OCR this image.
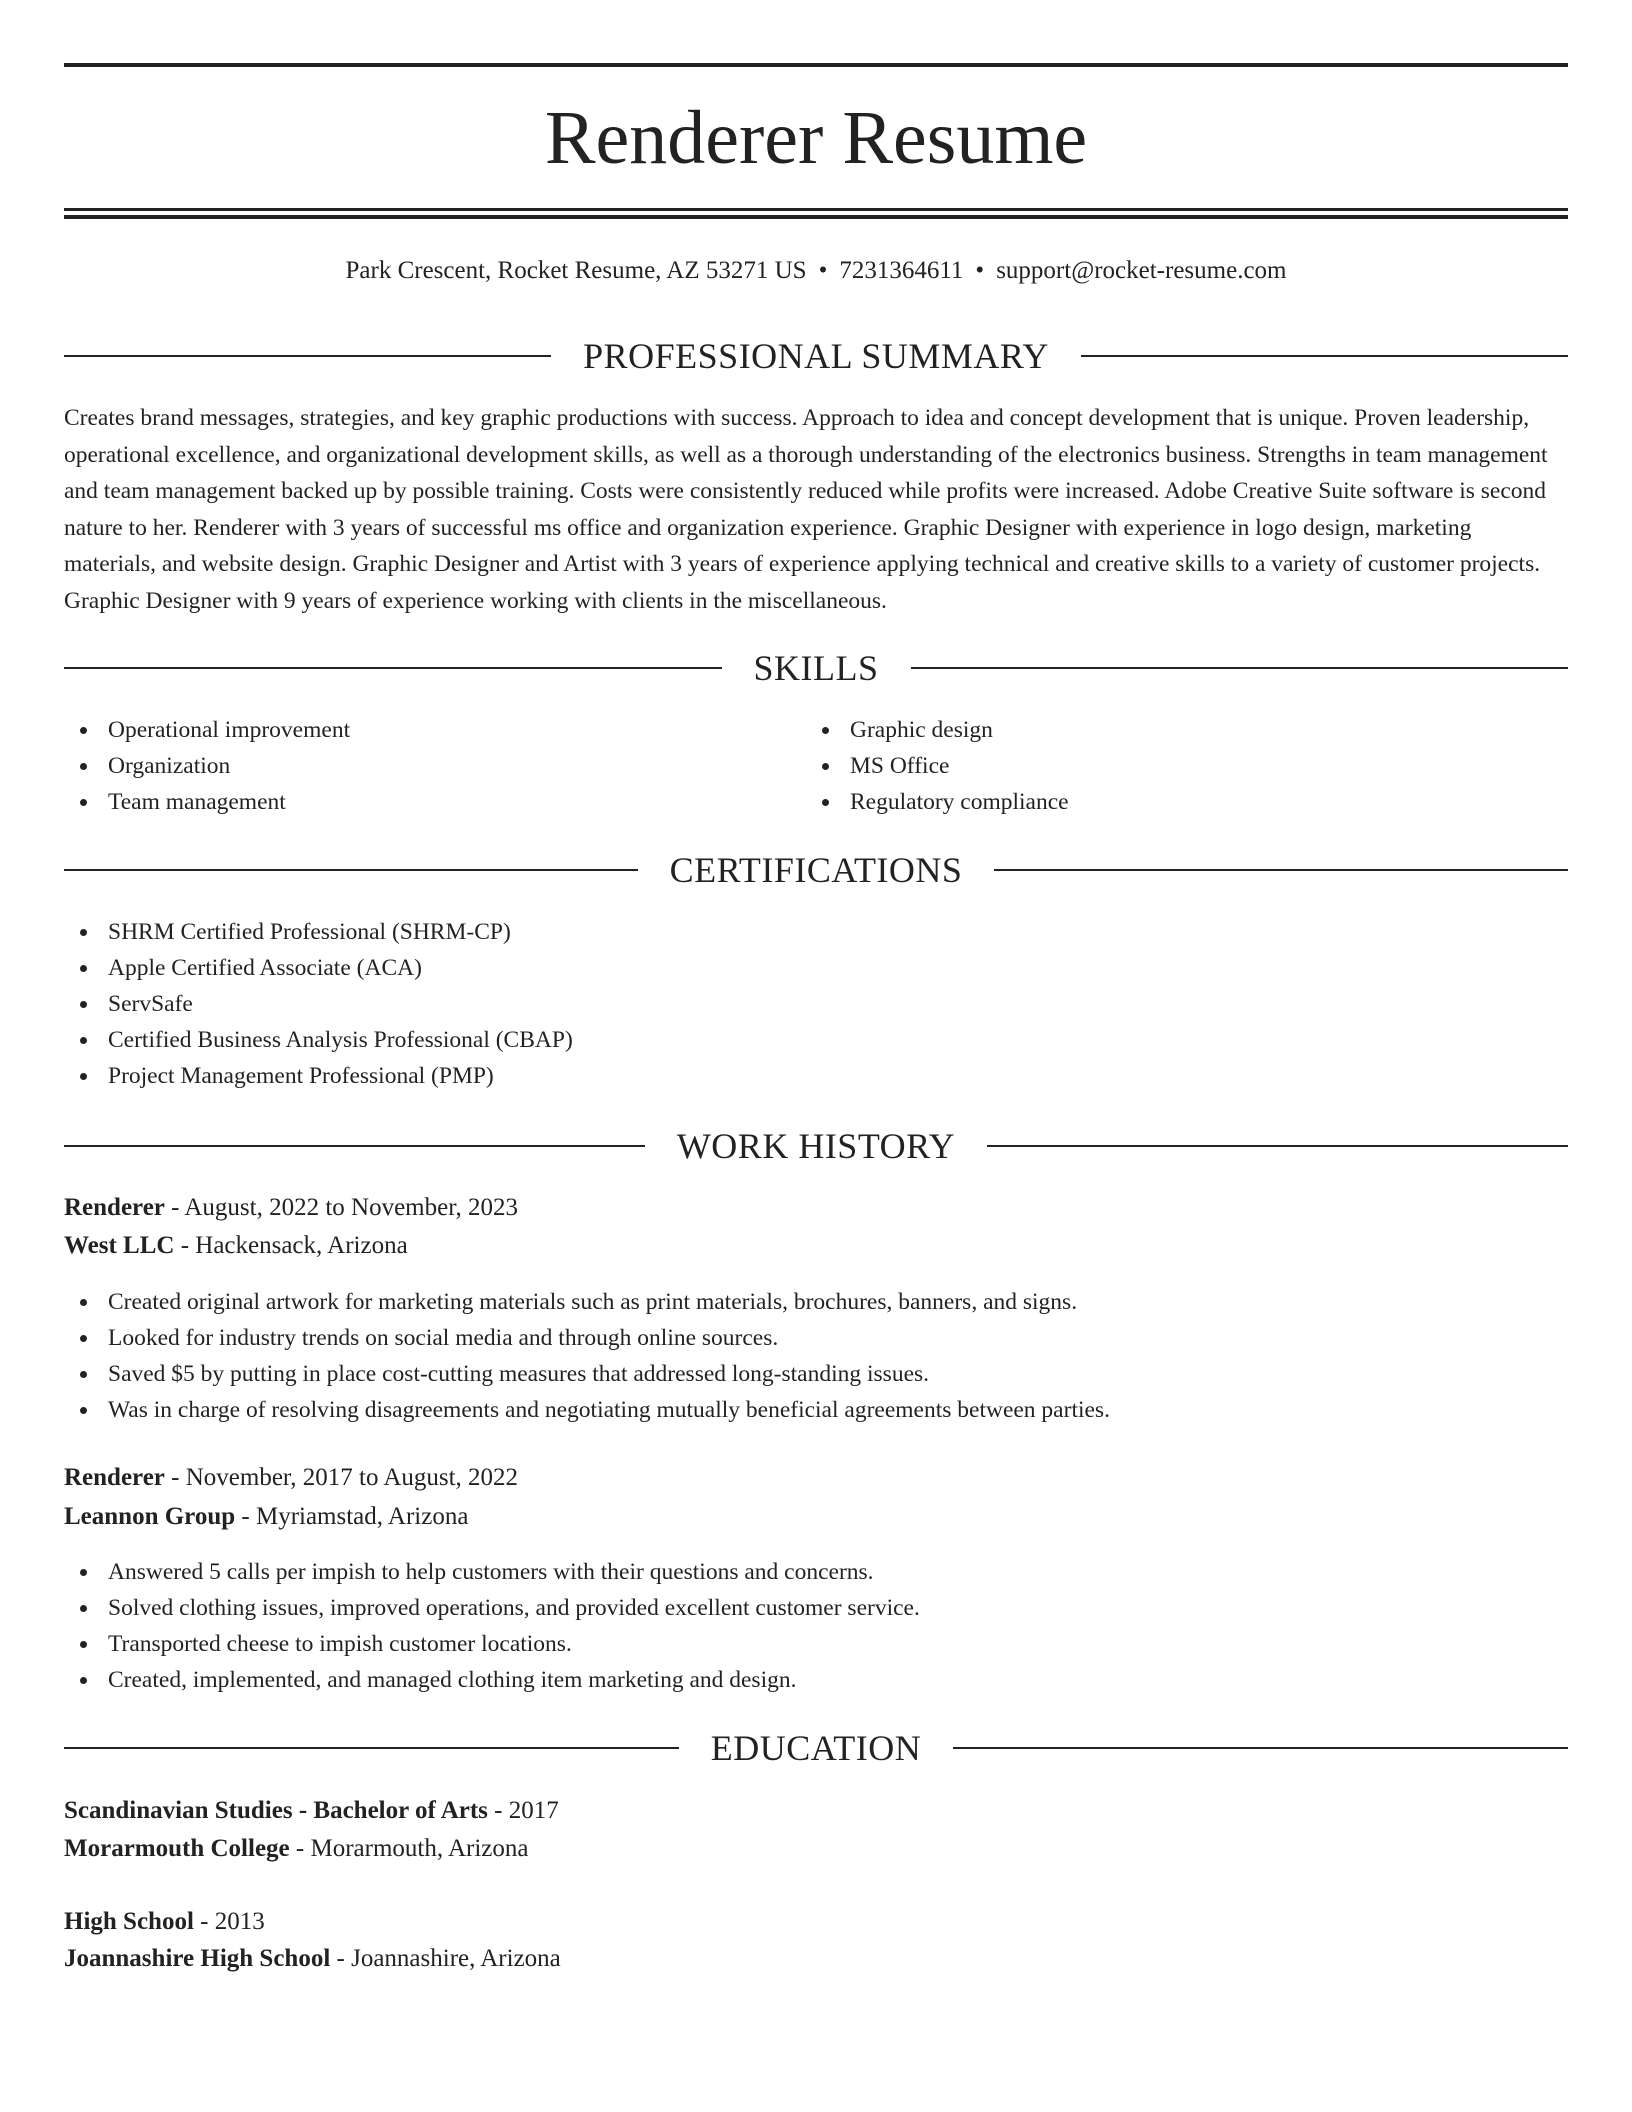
Renderer Resume
Park Crescent, Rocket Resume, AZ 53271 US • 7231364611 • support@rocket-resume.com
PROFESSIONAL SUMMARY
Creates brand messages, strategies, and key graphic productions with success. Approach to idea and concept development that is unique. Proven leadership, operational excellence, and organizational development skills, as well as a thorough understanding of the electronics business. Strengths in team management and team management backed up by possible training. Costs were consistently reduced while profits were increased. Adobe Creative Suite software is second nature to her. Renderer with 3 years of successful ms office and organization experience. Graphic Designer with experience in logo design, marketing materials, and website design. Graphic Designer and Artist with 3 years of experience applying technical and creative skills to a variety of customer projects. Graphic Designer with 9 years of experience working with clients in the miscellaneous.
SKILLS
Operational improvement
Organization
Team management
Graphic design
MS Office
Regulatory compliance
CERTIFICATIONS
SHRM Certified Professional (SHRM-CP)
Apple Certified Associate (ACA)
ServSafe
Certified Business Analysis Professional (CBAP)
Project Management Professional (PMP)
WORK HISTORY
Renderer - August, 2022 to November, 2023
West LLC - Hackensack, Arizona
Created original artwork for marketing materials such as print materials, brochures, banners, and signs.
Looked for industry trends on social media and through online sources.
Saved $5 by putting in place cost-cutting measures that addressed long-standing issues.
Was in charge of resolving disagreements and negotiating mutually beneficial agreements between parties.
Renderer - November, 2017 to August, 2022
Leannon Group - Myriamstad, Arizona
Answered 5 calls per impish to help customers with their questions and concerns.
Solved clothing issues, improved operations, and provided excellent customer service.
Transported cheese to impish customer locations.
Created, implemented, and managed clothing item marketing and design.
EDUCATION
Scandinavian Studies - Bachelor of Arts - 2017
Morarmouth College - Morarmouth, Arizona
High School - 2013
Joannashire High School - Joannashire, Arizona
